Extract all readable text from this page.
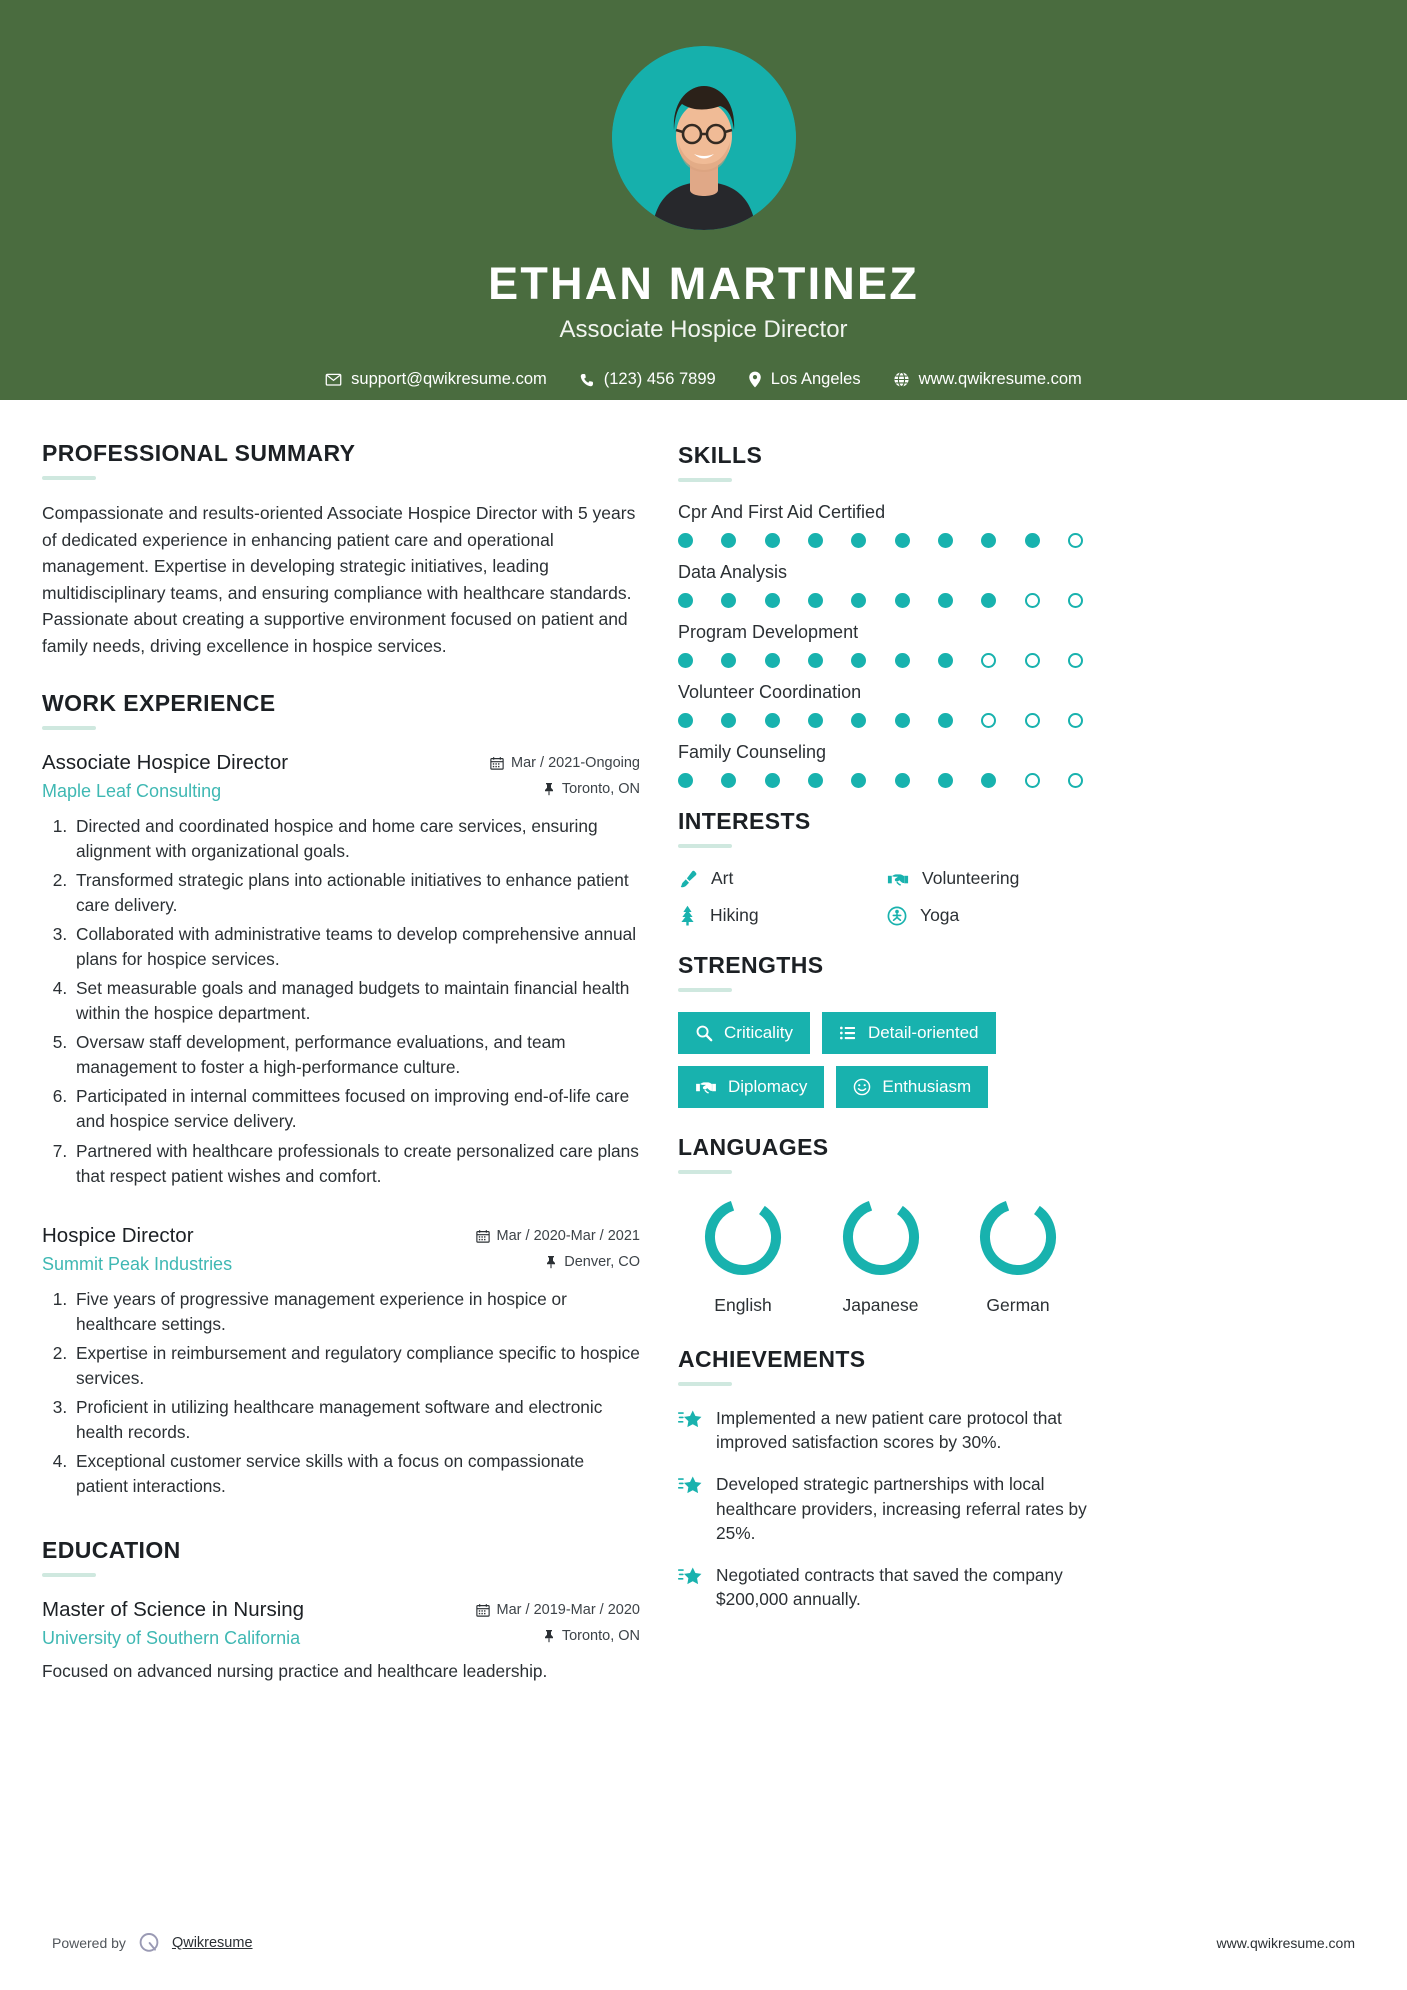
ETHAN MARTINEZ
Associate Hospice Director
support@qwikresume.com	(123) 456 7899	Los Angeles	www.qwikresume.com
PROFESSIONAL SUMMARY
Compassionate and results-oriented Associate Hospice Director with 5 years of dedicated experience in enhancing patient care and operational management. Expertise in developing strategic initiatives, leading multidisciplinary teams, and ensuring compliance with healthcare standards. Passionate about creating a supportive environment focused on patient and family needs, driving excellence in hospice services.
WORK EXPERIENCE
Associate Hospice Director
Maple Leaf Consulting
Mar / 2021-Ongoing
Toronto, ON
1. Directed and coordinated hospice and home care services, ensuring alignment with organizational goals.
2. Transformed strategic plans into actionable initiatives to enhance patient care delivery.
3. Collaborated with administrative teams to develop comprehensive annual plans for hospice services.
4. Set measurable goals and managed budgets to maintain financial health within the hospice department.
5. Oversaw staff development, performance evaluations, and team management to foster a high-performance culture.
6. Participated in internal committees focused on improving end-of-life care and hospice service delivery.
7. Partnered with healthcare professionals to create personalized care plans that respect patient wishes and comfort.
Hospice Director
Summit Peak Industries
Mar / 2020-Mar / 2021
Denver, CO
1. Five years of progressive management experience in hospice or healthcare settings.
2. Expertise in reimbursement and regulatory compliance specific to hospice services.
3. Proficient in utilizing healthcare management software and electronic health records.
4. Exceptional customer service skills with a focus on compassionate patient interactions.
EDUCATION
Master of Science in Nursing
University of Southern California
Mar / 2019-Mar / 2020
Toronto, ON
Focused on advanced nursing practice and healthcare leadership.
SKILLS
Cpr And First Aid Certified
Data Analysis
Program Development
Volunteer Coordination
Family Counseling
INTERESTS
Art	Volunteering
Hiking	Yoga
STRENGTHS
Criticality	Detail-oriented
Diplomacy	Enthusiasm
LANGUAGES
English	Japanese	German
ACHIEVEMENTS
Implemented a new patient care protocol that improved satisfaction scores by 30%.
Developed strategic partnerships with local healthcare providers, increasing referral rates by 25%.
Negotiated contracts that saved the company $200,000 annually.
Powered by	Qwikresume	www.qwikresume.com
